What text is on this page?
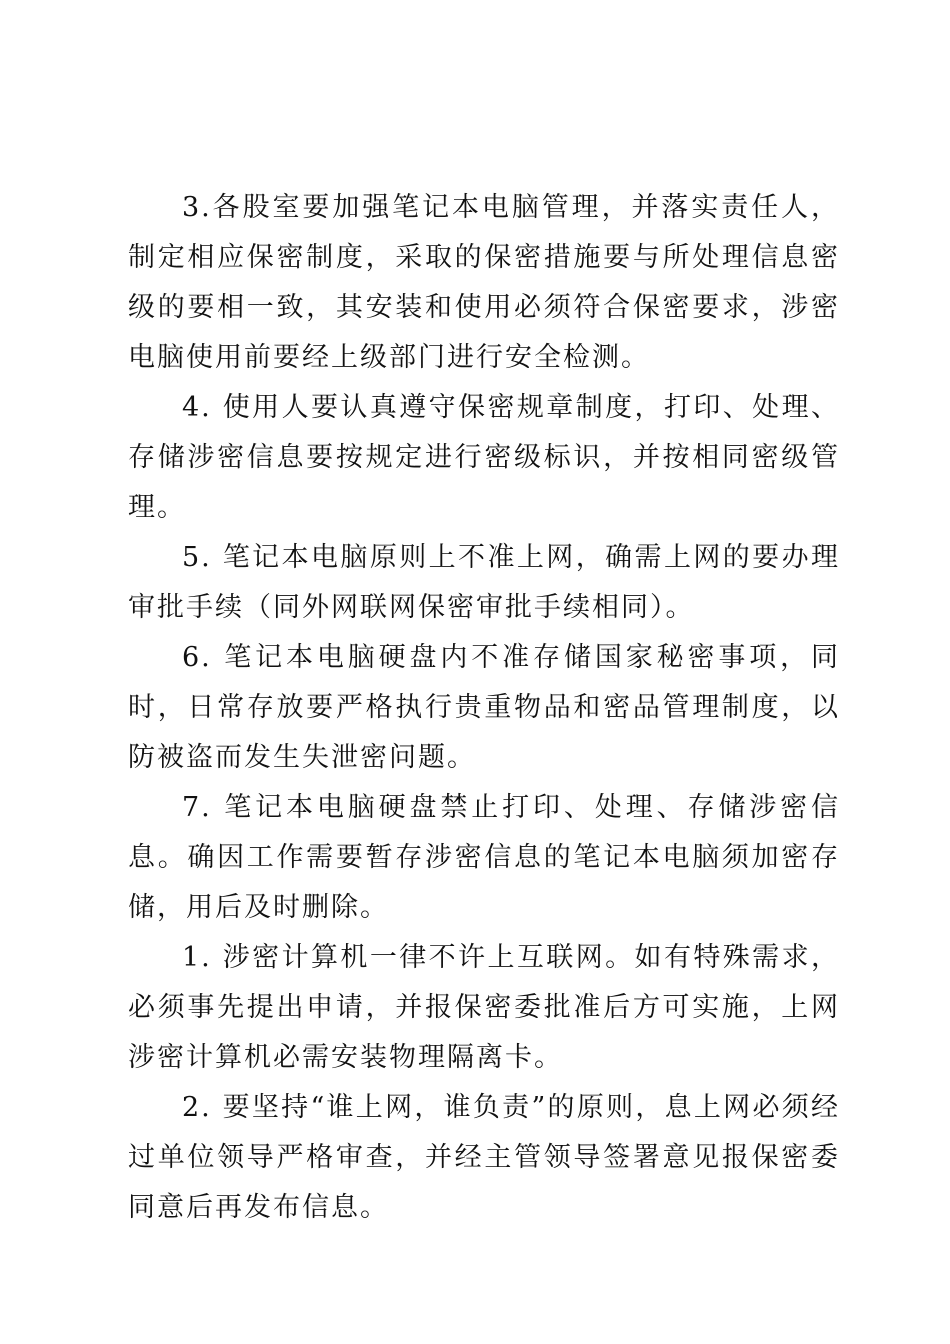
3.各股室要加强笔记本电脑管理，并落实责任人，制定相应保密制度，采取的保密措施要与所处理信息密级的要相一致，其安装和使用必须符合保密要求，涉密电脑使用前要经上级部门进行安全检测。

4. 使用人要认真遵守保密规章制度，打印、处理、存储涉密信息要按规定进行密级标识，并按相同密级管理。

5. 笔记本电脑原则上不准上网，确需上网的要办理审批手续（同外网联网保密审批手续相同）。

6. 笔记本电脑硬盘内不准存储国家秘密事项，同时，日常存放要严格执行贵重物品和密品管理制度，以防被盗而发生失泄密问题。

7. 笔记本电脑硬盘禁止打印、处理、存储涉密信息。确因工作需要暂存涉密信息的笔记本电脑须加密存储，用后及时删除。

1. 涉密计算机一律不许上互联网。如有特殊需求，必须事先提出申请，并报保密委批准后方可实施，上网涉密计算机必需安装物理隔离卡。

2. 要坚持“谁上网，谁负责”的原则，息上网必须经过单位领导严格审查，并经主管领导签署意见报保密委同意后再发布信息。
